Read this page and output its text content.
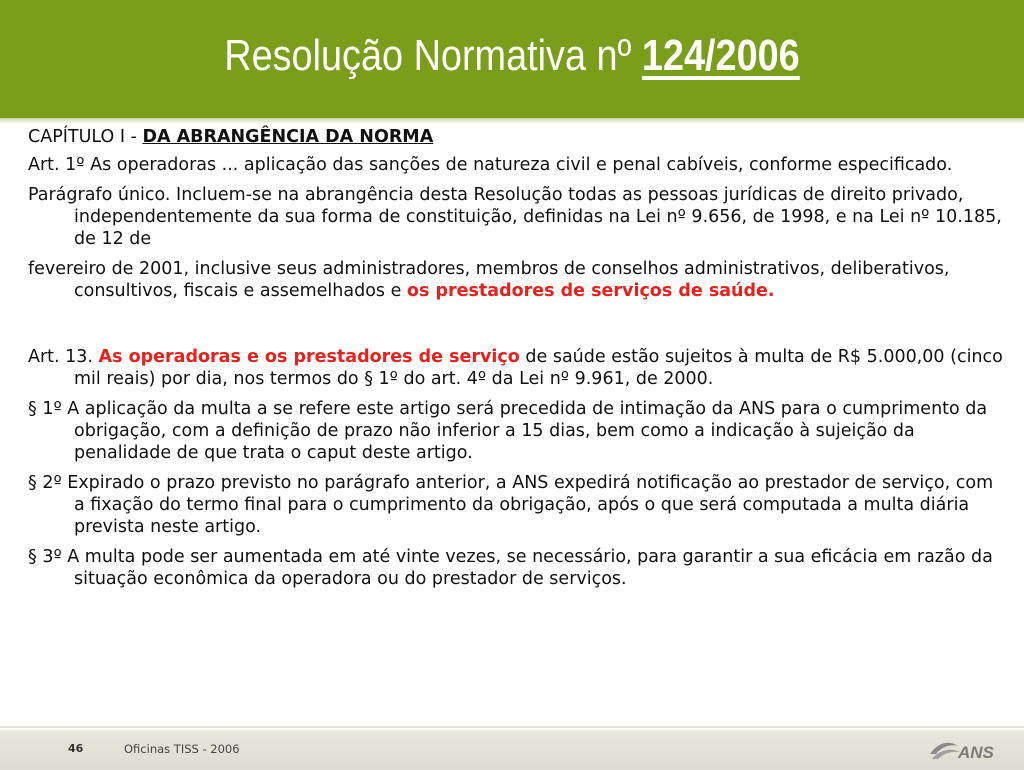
Resolução Normativa nº 124/2006

CAPÍTULO I - DA ABRANGÊNCIA DA NORMA

Art. 1º As operadoras ... aplicação das sanções de natureza civil e penal cabíveis, conforme especificado.

Parágrafo único. Incluem-se na abrangência desta Resolução todas as pessoas jurídicas de direito privado, independentemente da sua forma de constituição, definidas na Lei nº 9.656, de 1998, e na Lei nº 10.185, de 12 de

fevereiro de 2001, inclusive seus administradores, membros de conselhos administrativos, deliberativos, consultivos, fiscais e assemelhados e os prestadores de serviços de saúde.

Art. 13. As operadoras e os prestadores de serviço de saúde estão sujeitos à multa de R$ 5.000,00 (cinco mil reais) por dia, nos termos do § 1º do art. 4º da Lei nº 9.961, de 2000.

§ 1º A aplicação da multa a se refere este artigo será precedida de intimação da ANS para o cumprimento da obrigação, com a definição de prazo não inferior a 15 dias, bem como a indicação à sujeição da penalidade de que trata o caput deste artigo.

§ 2º Expirado o prazo previsto no parágrafo anterior, a ANS expedirá notificação ao prestador de serviço, com a fixação do termo final para o cumprimento da obrigação, após o que será computada a multa diária prevista neste artigo.

§ 3º A multa pode ser aumentada em até vinte vezes, se necessário, para garantir a sua eficácia em razão da situação econômica da operadora ou do prestador de serviços.

46	Oficinas TISS - 2006	ANS
